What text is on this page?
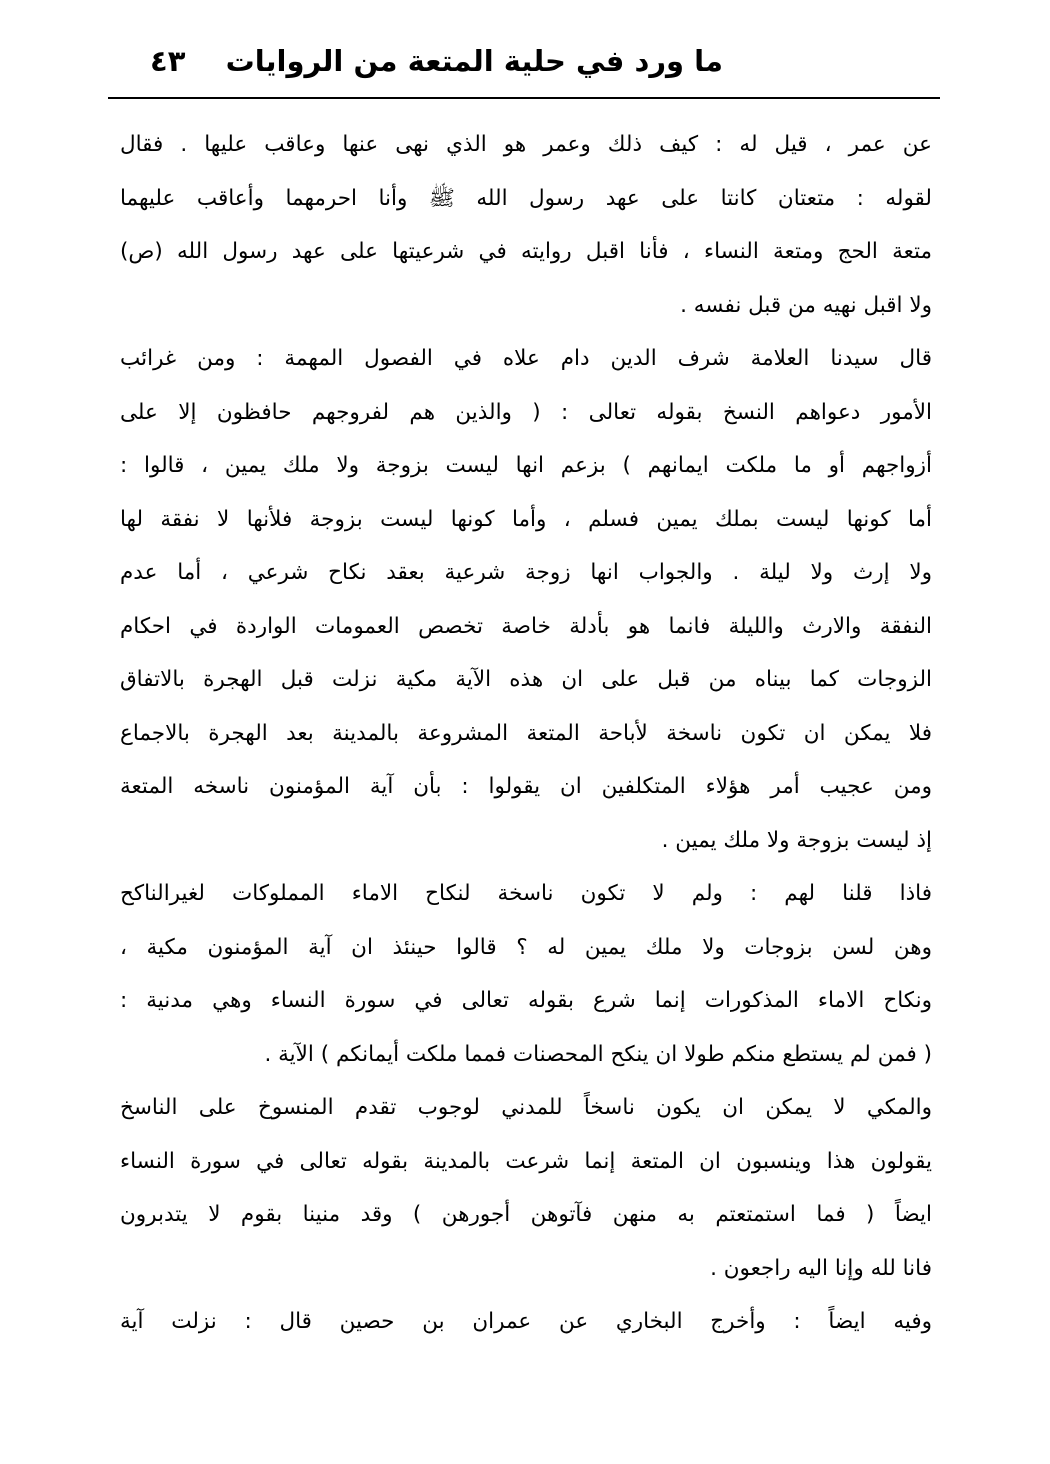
ما ورد في حلية المتعة من الروايات
٤٣

عن عمر ، قيل له : كيف ذلك وعمر هو الذي نهى عنها وعاقب عليها . فقال

لقوله : متعتان كانتا على عهد رسول الله ﷺ وأنا احرمهما وأعاقب عليهما

متعة الحج ومتعة النساء ، فأنا اقبل روايته في شرعيتها على عهد رسول الله (ص)

ولا اقبل نهيه من قبل نفسه .

قال سيدنا العلامة شرف الدين دام علاه في الفصول المهمة : ومن غرائب

الأمور دعواهم النسخ بقوله تعالى : ( والذين هم لفروجهم حافظون إلا على

أزواجهم أو ما ملكت ايمانهم ) بزعم انها ليست بزوجة ولا ملك يمين ، قالوا :

أما كونها ليست بملك يمين فسلم ، وأما كونها ليست بزوجة فلأنها لا نفقة لها

ولا إرث ولا ليلة . والجواب انها زوجة شرعية بعقد نكاح شرعي ، أما عدم

النفقة والارث والليلة فانما هو بأدلة خاصة تخصص العمومات الواردة في احكام

الزوجات كما بيناه من قبل على ان هذه الآية مكية نزلت قبل الهجرة بالاتفاق

فلا يمكن ان تكون ناسخة لأباحة المتعة المشروعة بالمدينة بعد الهجرة بالاجماع

ومن عجيب أمر هؤلاء المتكلفين ان يقولوا : بأن آية المؤمنون ناسخه المتعة

إذ ليست بزوجة ولا ملك يمين .

فاذا قلنا لهم : ولم لا تكون ناسخة لنكاح الاماء المملوكات لغيرالناكح

وهن لسن بزوجات ولا ملك يمين له ؟ قالوا حينئذ ان آية المؤمنون مكية ،

ونكاح الاماء المذكورات إنما شرع بقوله تعالى في سورة النساء وهي مدنية :

( فمن لم يستطع منكم طولا ان ينكح المحصنات فمما ملكت أيمانكم ) الآية .

والمكي لا يمكن ان يكون ناسخاً للمدني لوجوب تقدم المنسوخ على الناسخ

يقولون هذا وينسبون ان المتعة إنما شرعت بالمدينة بقوله تعالى في سورة النساء

ايضاً ( فما استمتعتم به منهن فآتوهن أجورهن ) وقد منينا بقوم لا يتدبرون

فانا لله وإنا اليه راجعون .

وفيه ايضاً : وأخرج البخاري عن عمران بن حصين قال : نزلت آية
